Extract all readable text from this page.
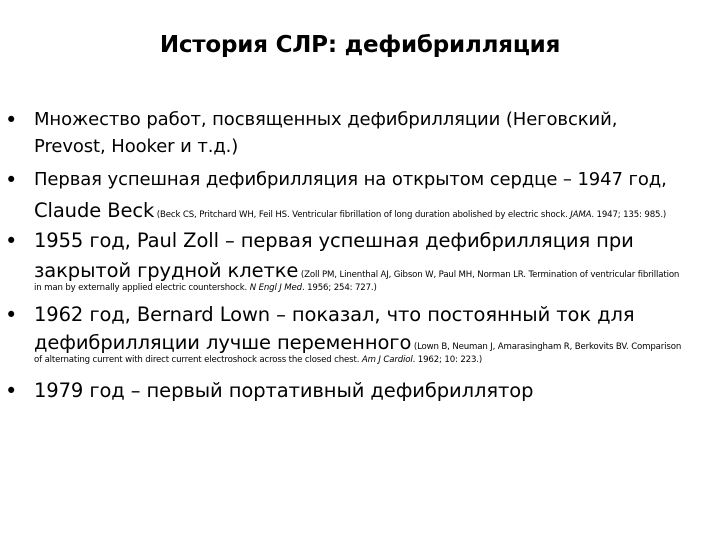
История СЛР: дефибрилляция
• Множество работ, посвященных дефибрилляции (Неговский,
Prevost, Hooker и т.д.)
• Первая успешная дефибрилляция на открытом сердце – 1947 год,
Claude Beck (Beck CS, Pritchard WH, Feil HS. Ventricular fibrillation of long duration abolished by electric shock. JAMA. 1947; 135: 985.)
• 1955 год, Paul Zoll – первая успешная дефибрилляция при
закрытой грудной клетке (Zoll PM, Linenthal AJ, Gibson W, Paul MH, Norman LR. Termination of ventricular fibrillation
in man by externally applied electric countershock. N Engl J Med. 1956; 254: 727.)
• 1962 год, Bernard Lown – показал, что постоянный ток для
дефибрилляции лучше переменного (Lown B, Neuman J, Amarasingham R, Berkovits BV. Comparison
of alternating current with direct current electroshock across the closed chest. Am J Cardiol. 1962; 10: 223.)
• 1979 год – первый портативный дефибриллятор
